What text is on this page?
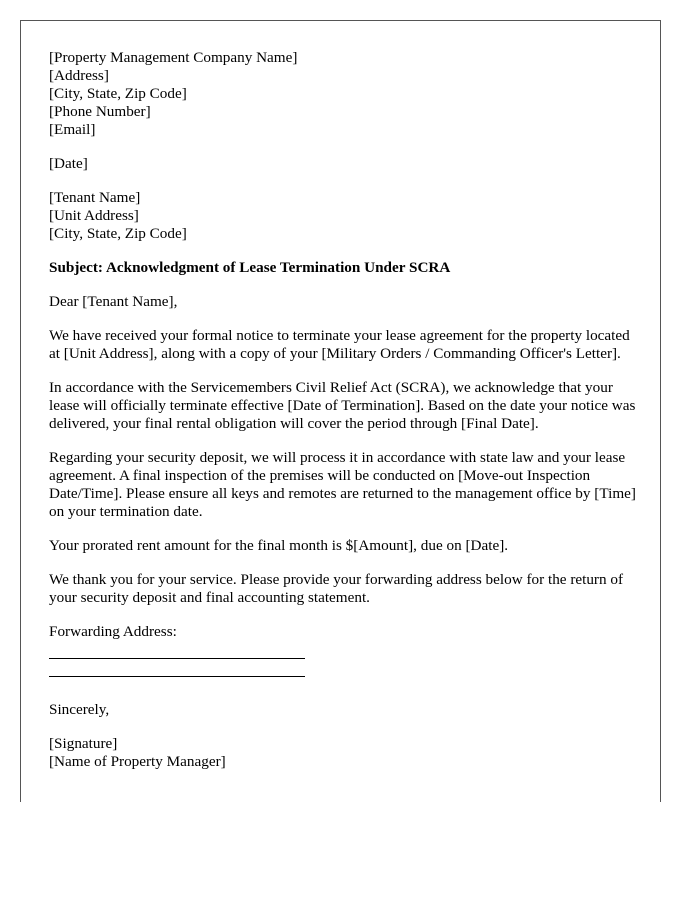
[Property Management Company Name]
[Address]
[City, State, Zip Code]
[Phone Number]
[Email]
[Date]
[Tenant Name]
[Unit Address]
[City, State, Zip Code]

Subject: Acknowledgment of Lease Termination Under SCRA

Dear [Tenant Name],

We have received your formal notice to terminate your lease agreement for the property located at [Unit Address], along with a copy of your [Military Orders / Commanding Officer's Letter].

In accordance with the Servicemembers Civil Relief Act (SCRA), we acknowledge that your lease will officially terminate effective [Date of Termination]. Based on the date your notice was delivered, your final rental obligation will cover the period through [Final Date].

Regarding your security deposit, we will process it in accordance with state law and your lease agreement. A final inspection of the premises will be conducted on [Move-out Inspection Date/Time]. Please ensure all keys and remotes are returned to the management office by [Time] on your termination date.

Your prorated rent amount for the final month is $[Amount], due on [Date].

We thank you for your service. Please provide your forwarding address below for the return of your security deposit and final accounting statement.

Forwarding Address:
Sincerely,
[Signature]
[Name of Property Manager]
